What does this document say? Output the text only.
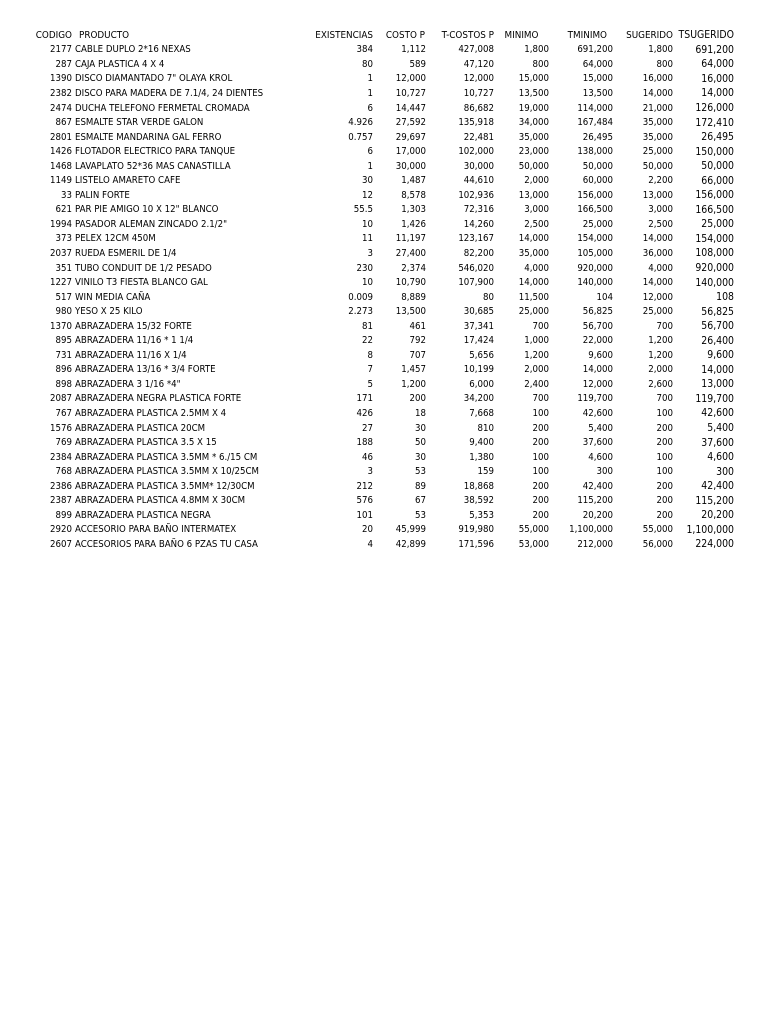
CODIGO	PRODUCTO	EXISTENCIAS	COSTO P	T-COSTOS P	MINIMO	TMINIMO	SUGERIDO	TSUGERIDO
2177	CABLE DUPLO 2*16 NEXAS	384	1,112	427,008	1,800	691,200	1,800	691,200
287	CAJA PLASTICA 4 X 4	80	589	47,120	800	64,000	800	64,000
1390	DISCO DIAMANTADO 7" OLAYA KROL	1	12,000	12,000	15,000	15,000	16,000	16,000
2382	DISCO PARA MADERA DE 7.1/4, 24 DIENTES	1	10,727	10,727	13,500	13,500	14,000	14,000
2474	DUCHA TELEFONO FERMETAL CROMADA	6	14,447	86,682	19,000	114,000	21,000	126,000
867	ESMALTE STAR VERDE GALON	4.926	27,592	135,918	34,000	167,484	35,000	172,410
2801	ESMALTE MANDARINA GAL FERRO	0.757	29,697	22,481	35,000	26,495	35,000	26,495
1426	FLOTADOR ELECTRICO PARA TANQUE	6	17,000	102,000	23,000	138,000	25,000	150,000
1468	LAVAPLATO 52*36 MAS CANASTILLA	1	30,000	30,000	50,000	50,000	50,000	50,000
1149	LISTELO AMARETO CAFE	30	1,487	44,610	2,000	60,000	2,200	66,000
33	PALIN FORTE	12	8,578	102,936	13,000	156,000	13,000	156,000
621	PAR PIE AMIGO 10 X 12" BLANCO	55.5	1,303	72,316	3,000	166,500	3,000	166,500
1994	PASADOR ALEMAN ZINCADO 2.1/2"	10	1,426	14,260	2,500	25,000	2,500	25,000
373	PELEX 12CM 450M	11	11,197	123,167	14,000	154,000	14,000	154,000
2037	RUEDA ESMERIL DE 1/4	3	27,400	82,200	35,000	105,000	36,000	108,000
351	TUBO CONDUIT DE 1/2 PESADO	230	2,374	546,020	4,000	920,000	4,000	920,000
1227	VINILO T3 FIESTA BLANCO GAL	10	10,790	107,900	14,000	140,000	14,000	140,000
517	WIN MEDIA CAÑA	0.009	8,889	80	11,500	104	12,000	108
980	YESO X 25 KILO	2.273	13,500	30,685	25,000	56,825	25,000	56,825
1370	ABRAZADERA 15/32 FORTE	81	461	37,341	700	56,700	700	56,700
895	ABRAZADERA 11/16 * 1 1/4	22	792	17,424	1,000	22,000	1,200	26,400
731	ABRAZADERA 11/16 X 1/4	8	707	5,656	1,200	9,600	1,200	9,600
896	ABRAZADERA 13/16 * 3/4 FORTE	7	1,457	10,199	2,000	14,000	2,000	14,000
898	ABRAZADERA 3 1/16 *4"	5	1,200	6,000	2,400	12,000	2,600	13,000
2087	ABRAZADERA NEGRA PLASTICA FORTE	171	200	34,200	700	119,700	700	119,700
767	ABRAZADERA PLASTICA 2.5MM X 4	426	18	7,668	100	42,600	100	42,600
1576	ABRAZADERA PLASTICA 20CM	27	30	810	200	5,400	200	5,400
769	ABRAZADERA PLASTICA 3.5 X 15	188	50	9,400	200	37,600	200	37,600
2384	ABRAZADERA PLASTICA 3.5MM * 6./15 CM	46	30	1,380	100	4,600	100	4,600
768	ABRAZADERA PLASTICA 3.5MM X 10/25CM	3	53	159	100	300	100	300
2386	ABRAZADERA PLASTICA 3.5MM* 12/30CM	212	89	18,868	200	42,400	200	42,400
2387	ABRAZADERA PLASTICA 4.8MM X 30CM	576	67	38,592	200	115,200	200	115,200
899	ABRAZADERA PLASTICA NEGRA	101	53	5,353	200	20,200	200	20,200
2920	ACCESORIO PARA BAÑO INTERMATEX	20	45,999	919,980	55,000	1,100,000	55,000	1,100,000
2607	ACCESORIOS PARA BAÑO 6 PZAS TU CASA	4	42,899	171,596	53,000	212,000	56,000	224,000
